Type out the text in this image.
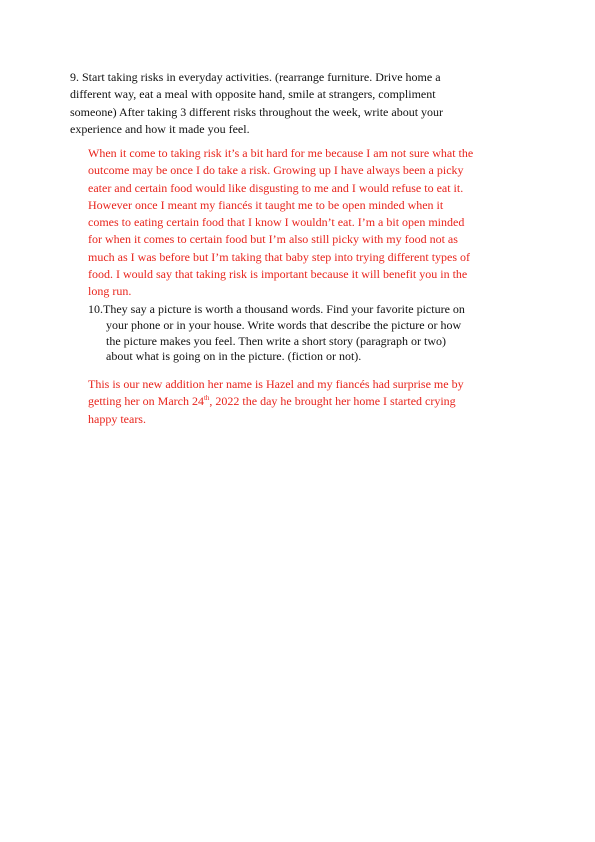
9. Start taking risks in everyday activities. (rearrange furniture. Drive home a
different way, eat a meal with opposite hand, smile at strangers, compliment
someone) After taking 3 different risks throughout the week, write about your
experience and how it made you feel.
When it come to taking risk it’s a bit hard for me because I am not sure what the
outcome may be once I do take a risk. Growing up I have always been a picky
eater and certain food would like disgusting to me and I would refuse to eat it.
However once I meant my fiancés it taught me to be open minded when it
comes to eating certain food that I know I wouldn’t eat. I’m a bit open minded
for when it comes to certain food but I’m also still picky with my food not as
much as I was before but I’m taking that baby step into trying different types of
food. I would say that taking risk is important because it will benefit you in the
long run.
10.They say a picture is worth a thousand words. Find your favorite picture on
your phone or in your house. Write words that describe the picture or how
the picture makes you feel. Then write a short story (paragraph or two)
about what is going on in the picture. (fiction or not).
This is our new addition her name is Hazel and my fiancés had surprise me by
getting her on March 24th, 2022 the day he brought her home I started crying
happy tears.
